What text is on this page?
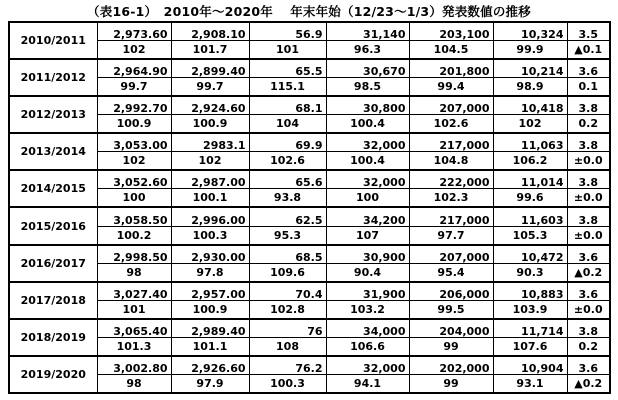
（表16-1）　2010年〜2020年　 年末年始（12/23〜1/3）発表数値の推移
2010/2011	2,973.60	2,908.10	56.9	31,140	203,100	10,324	3.5
	102	101.7	101	96.3	104.5	99.9	▲0.1
2011/2012	2,964.90	2,899.40	65.5	30,670	201,800	10,214	3.6
	99.7	99.7	115.1	98.5	99.4	98.9	0.1
2012/2013	2,992.70	2,924.60	68.1	30,800	207,000	10,418	3.8
	100.9	100.9	104	100.4	102.6	102	0.2
2013/2014	3,053.00	2983.1	69.9	32,000	217,000	11,063	3.8
	102	102	102.6	100.4	104.8	106.2	±0.0
2014/2015	3,052.60	2,987.00	65.6	32,000	222,000	11,014	3.8
	100	100.1	93.8	100	102.3	99.6	±0.0
2015/2016	3,058.50	2,996.00	62.5	34,200	217,000	11,603	3.8
	100.2	100.3	95.3	107	97.7	105.3	±0.0
2016/2017	2,998.50	2,930.00	68.5	30,900	207,000	10,472	3.6
	98	97.8	109.6	90.4	95.4	90.3	▲0.2
2017/2018	3,027.40	2,957.00	70.4	31,900	206,000	10,883	3.6
	101	100.9	102.8	103.2	99.5	103.9	±0.0
2018/2019	3,065.40	2,989.40	76	34,000	204,000	11,714	3.8
	101.3	101.1	108	106.6	99	107.6	0.2
2019/2020	3,002.80	2,926.60	76.2	32,000	202,000	10,904	3.6
	98	97.9	100.3	94.1	99	93.1	▲0.2
